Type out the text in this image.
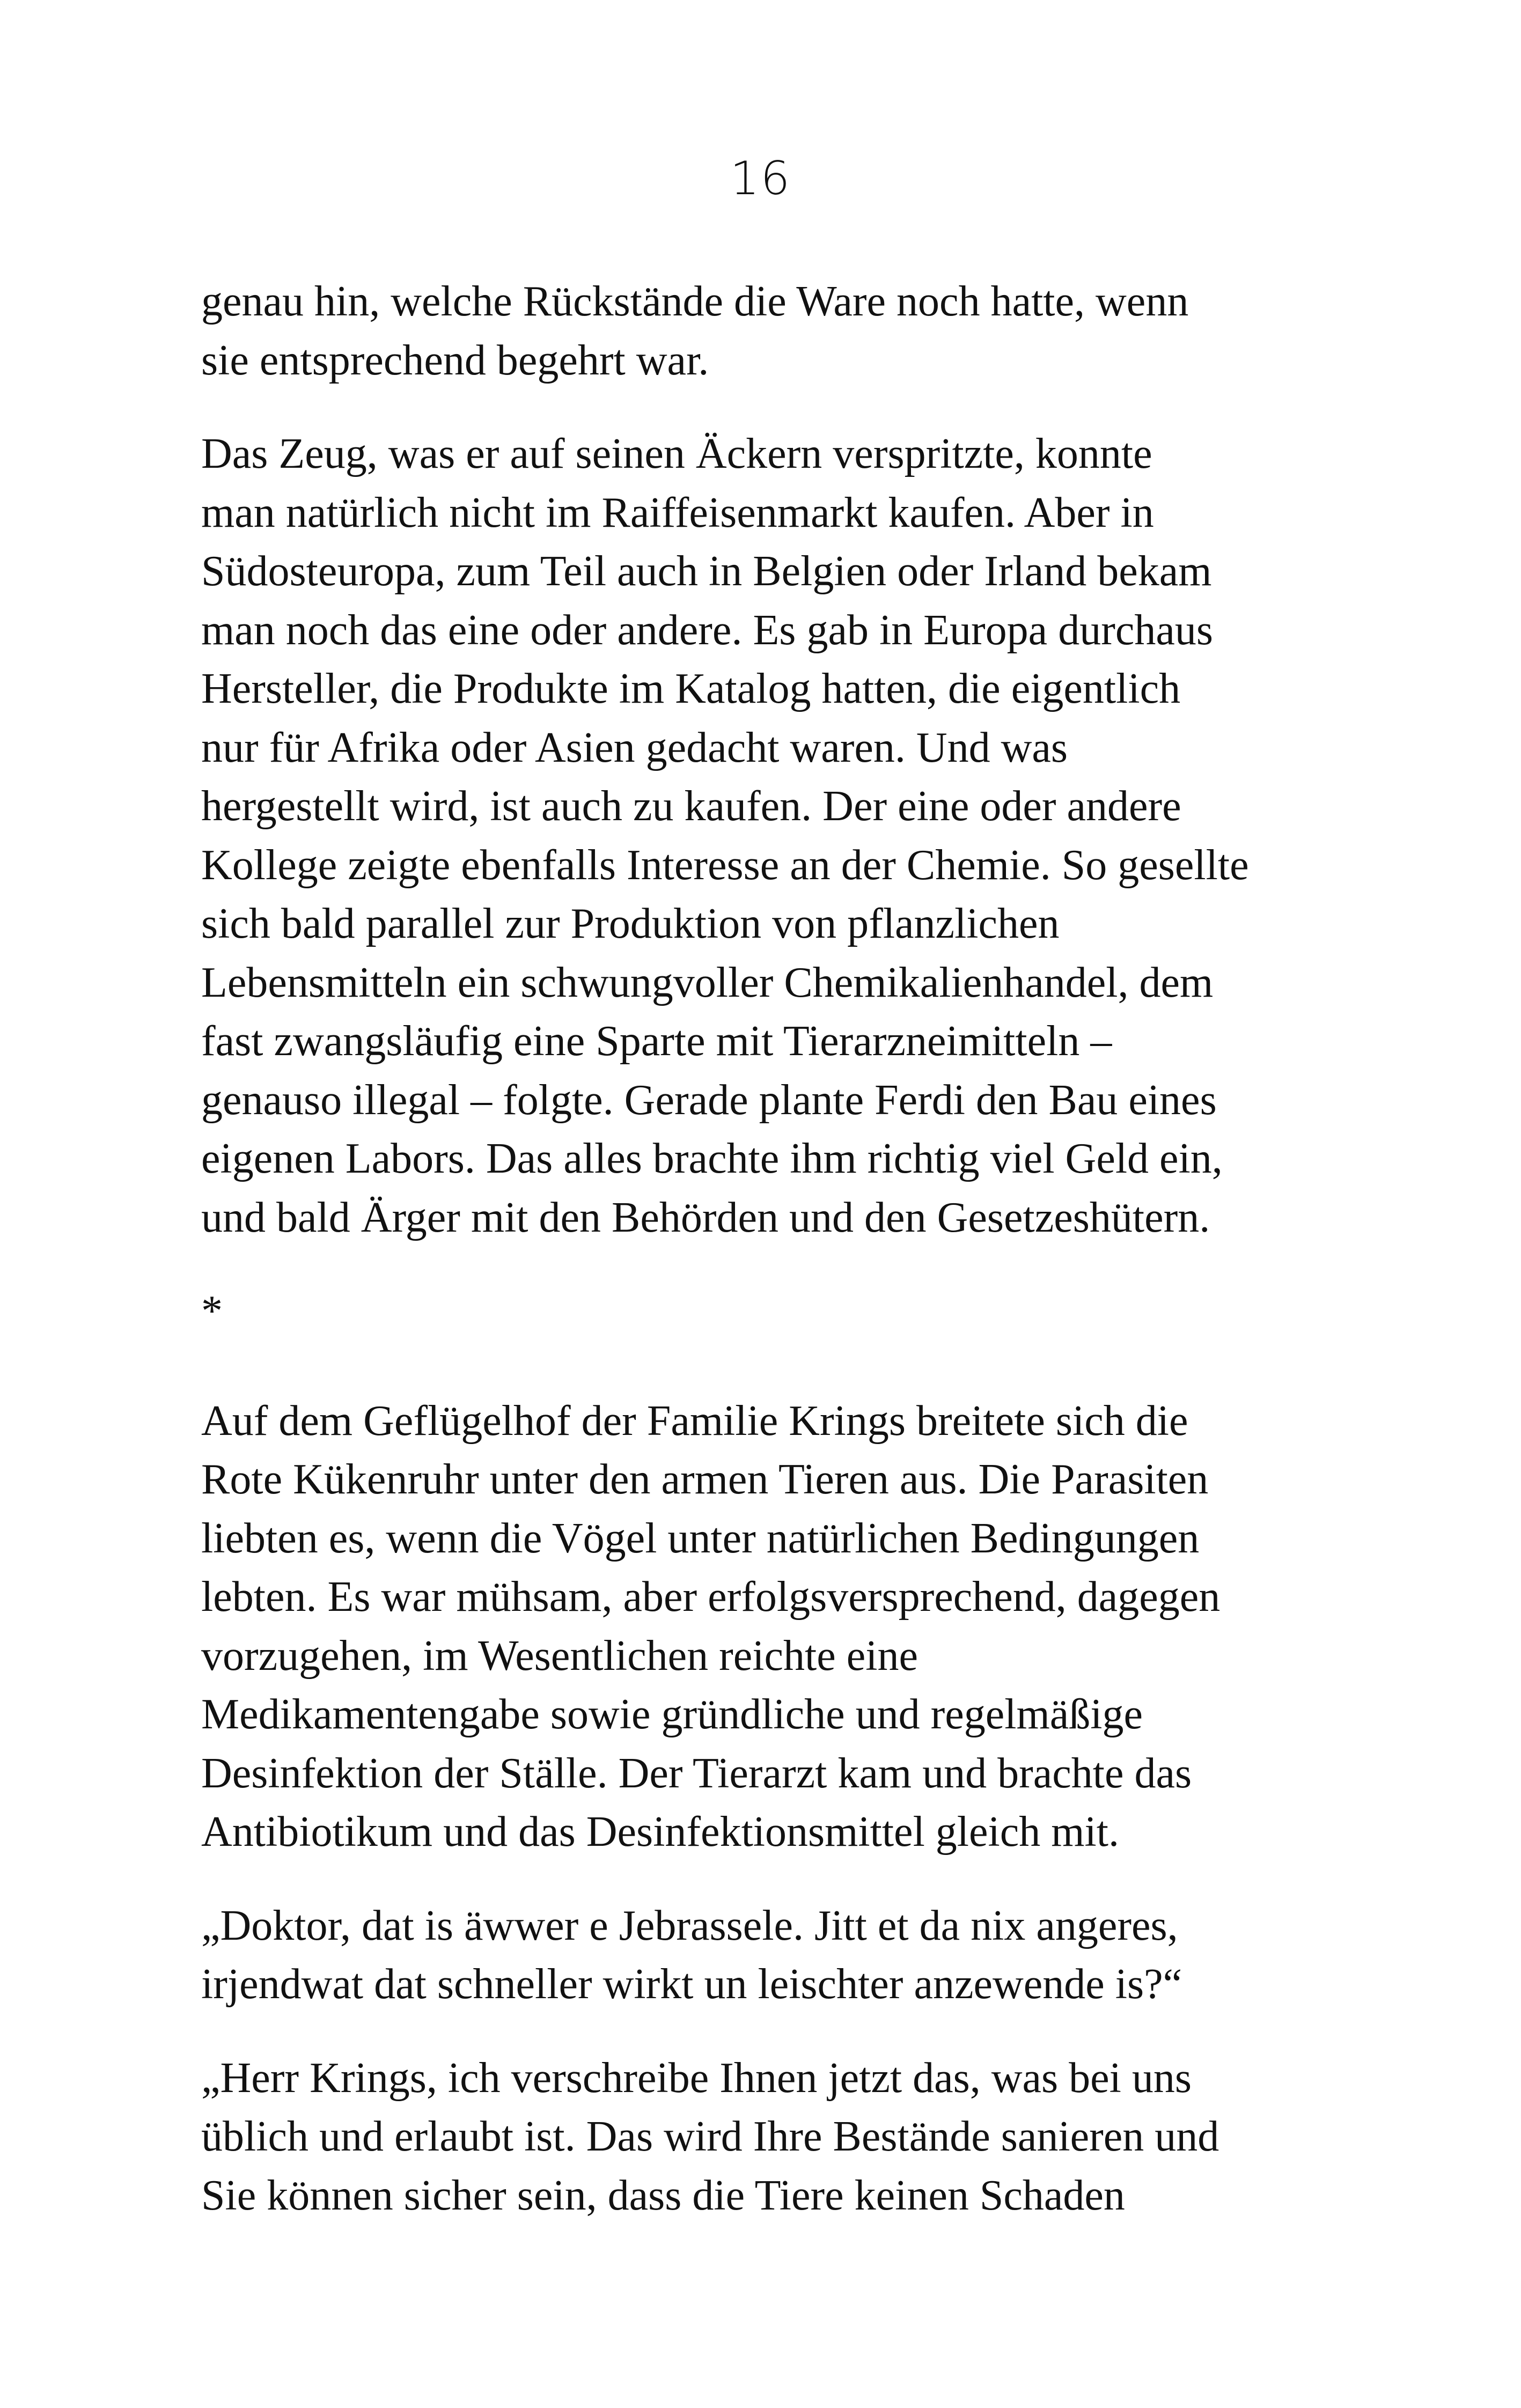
16
genau hin, welche Rückstände die Ware noch hatte, wenn
sie entsprechend begehrt war.
Das Zeug, was er auf seinen Äckern verspritzte, konnte
man natürlich nicht im Raiffeisenmarkt kaufen. Aber in
Südosteuropa, zum Teil auch in Belgien oder Irland bekam
man noch das eine oder andere. Es gab in Europa durchaus
Hersteller, die Produkte im Katalog hatten, die eigentlich
nur für Afrika oder Asien gedacht waren. Und was
hergestellt wird, ist auch zu kaufen. Der eine oder andere
Kollege zeigte ebenfalls Interesse an der Chemie. So gesellte
sich bald parallel zur Produktion von pflanzlichen
Lebensmitteln ein schwungvoller Chemikalienhandel, dem
fast zwangsläufig eine Sparte mit Tierarzneimitteln –
genauso illegal – folgte. Gerade plante Ferdi den Bau eines
eigenen Labors. Das alles brachte ihm richtig viel Geld ein,
und bald Ärger mit den Behörden und den Gesetzeshütern.
*
Auf dem Geflügelhof der Familie Krings breitete sich die
Rote Kükenruhr unter den armen Tieren aus. Die Parasiten
liebten es, wenn die Vögel unter natürlichen Bedingungen
lebten. Es war mühsam, aber erfolgsversprechend, dagegen
vorzugehen, im Wesentlichen reichte eine
Medikamentengabe sowie gründliche und regelmäßige
Desinfektion der Ställe. Der Tierarzt kam und brachte das
Antibiotikum und das Desinfektionsmittel gleich mit.
„Doktor, dat is äwwer e Jebrassele. Jitt et da nix angeres,
irjendwat dat schneller wirkt un leischter anzewende is?“
„Herr Krings, ich verschreibe Ihnen jetzt das, was bei uns
üblich und erlaubt ist. Das wird Ihre Bestände sanieren und
Sie können sicher sein, dass die Tiere keinen Schaden
